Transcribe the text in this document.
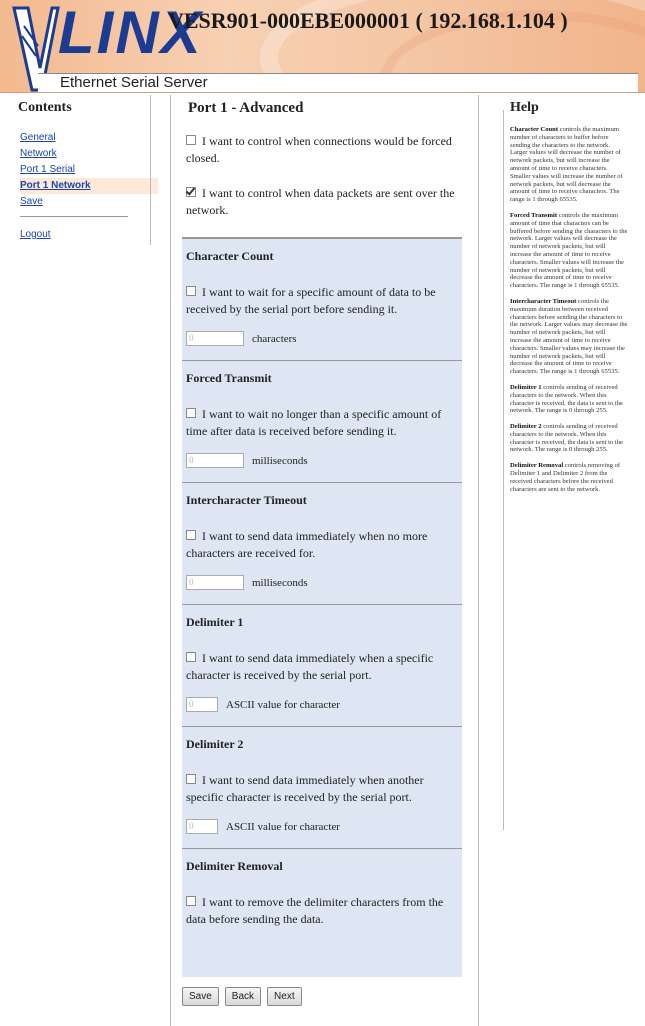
LINX
VESR901-000EBE000001 ( 192.168.1.104 )
Ethernet Serial Server
Contents
General
Network
Port 1 Serial
Port 1 Network
Save
Logout
Port 1 - Advanced
I want to control when connections would be forced closed.
I want to control when data packets are sent over the network.
Character Count
I want to wait for a specific amount of data to be received by the serial port before sending it.
0	characters
Forced Transmit
I want to wait no longer than a specific amount of time after data is received before sending it.
0	milliseconds
Intercharacter Timeout
I want to send data immediately when no more characters are received for.
0	milliseconds
Delimiter 1
I want to send data immediately when a specific character is received by the serial port.
0	ASCII value for character
Delimiter 2
I want to send data immediately when another specific character is received by the serial port.
0	ASCII value for character
Delimiter Removal
I want to remove the delimiter characters from the data before sending the data.
Save	Back	Next
Help

Character Count controls the maximum number of characters to buffer before sending the characters to the network. Larger values will decrease the number of network packets, but will increase the amount of time to receive characters. Smaller values will increase the number of network packets, but will decrease the amount of time to receive characters. The range is 1 through 65535.

Forced Transmit controls the maximum amount of time that characters can be buffered before sending the characters to the network. Larger values will decrease the number of network packets, but will increase the amount of time to receive characters. Smaller values will increase the number of network packets, but will decrease the amount of time to receive characters. The range is 1 through 65535.

Intercharacter Timeout controls the maximum duration between received characters before sending the characters to the network. Larger values may decrease the number of network packets, but will increase the amount of time to receive characters. Smaller values may increase the number of network packets, but will decrease the amount of time to receive characters. The range is 1 through 65535.

Delimiter 1 controls sending of received characters to the network. When this character is received, the data is sent to the network. The range is 0 through 255.

Delimiter 2 controls sending of received characters to the network. When this character is received, the data is sent to the network. The range is 0 through 255.

Delimiter Removal controls removing of Delimiter 1 and Delimiter 2 from the received characters before the received characters are sent to the network.
